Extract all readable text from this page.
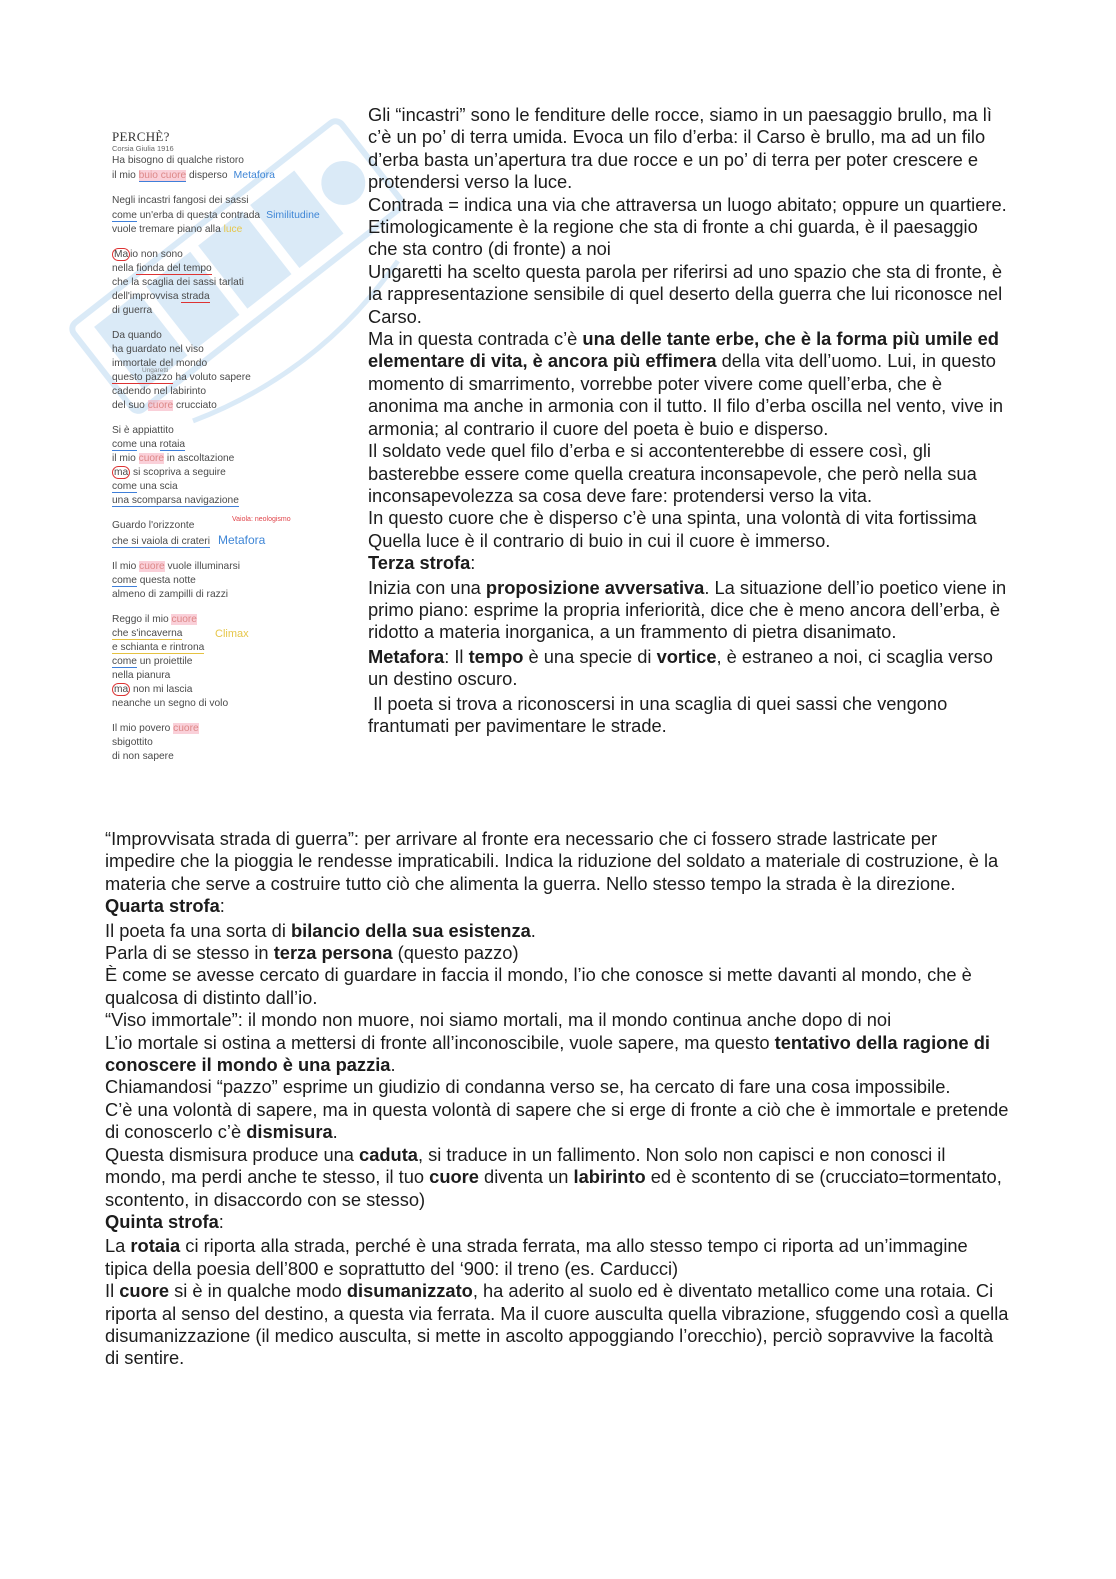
PERCHÈ?
Corsia Giulia 1916
Ha bisogno di qualche ristoro
il mio buio cuore disperso Metafora
Negli incastri fangosi dei sassi
come un'erba di questa contrada Similitudine
vuole tremare piano alla luce
Ma io non sono
nella fionda del tempo
che la scaglia dei sassi tarlati
dell'improvvisa strada
di guerra
Da quando
ha guardato nel viso
immortale del mondo
Ungaretti
questo pazzo ha voluto sapere
cadendo nel labirinto
del suo cuore crucciato
Si è appiattito
come una rotaia
il mio cuore in ascoltazione
ma si scopriva a seguire
come una scia
una scomparsa navigazione
Guardo l'orizzonte
Vaiola: neologismo
che si vaiola di crateri Metafora
Il mio cuore vuole illuminarsi
come questa notte
almeno di zampilli di razzi
Reggo il mio cuore
che s'incaverna	Climax
e schianta e rintrona
come un proiettile
nella pianura
ma non mi lascia
neanche un segno di volo
Il mio povero cuore
sbigottito
di non sapere

Gli “incastri” sono le fenditure delle rocce, siamo in un paesaggio brullo, ma lì c’è un po’ di terra umida. Evoca un filo d’erba: il Carso è brullo, ma ad un filo d’erba basta un’apertura tra due rocce e un po’ di terra per poter crescere e protendersi verso la luce.

Contrada = indica una via che attraversa un luogo abitato; oppure un quartiere. Etimologicamente è la regione che sta di fronte a chi guarda, è il paesaggio che sta contro (di fronte) a noi

Ungaretti ha scelto questa parola per riferirsi ad uno spazio che sta di fronte, è la rappresentazione sensibile di quel deserto della guerra che lui riconosce nel Carso.

Ma in questa contrada c’è una delle tante erbe, che è la forma più umile ed elementare di vita, è ancora più effimera della vita dell’uomo. Lui, in questo momento di smarrimento, vorrebbe poter vivere come quell’erba, che è anonima ma anche in armonia con il tutto. Il filo d’erba oscilla nel vento, vive in armonia; al contrario il cuore del poeta è buio e disperso.

Il soldato vede quel filo d’erba e si accontenterebbe di essere così, gli basterebbe essere come quella creatura inconsapevole, che però nella sua inconsapevolezza sa cosa deve fare: protendersi verso la vita.

In questo cuore che è disperso c’è una spinta, una volontà di vita fortissima

Quella luce è il contrario di buio in cui il cuore è immerso.

Terza strofa:

Inizia con una proposizione avversativa. La situazione dell’io poetico viene in primo piano: esprime la propria inferiorità, dice che è meno ancora dell’erba, è ridotto a materia inorganica, a un frammento di pietra disanimato.

Metafora: Il tempo è una specie di vortice, è estraneo a noi, ci scaglia verso un destino oscuro.

Il poeta si trova a riconoscersi in una scaglia di quei sassi che vengono frantumati per pavimentare le strade.

“Improvvisata strada di guerra”: per arrivare al fronte era necessario che ci fossero strade lastricate per impedire che la pioggia le rendesse impraticabili. Indica la riduzione del soldato a materiale di costruzione, è la materia che serve a costruire tutto ciò che alimenta la guerra. Nello stesso tempo la strada è la direzione.

Quarta strofa:

Il poeta fa una sorta di bilancio della sua esistenza.

Parla di se stesso in terza persona (questo pazzo)

È come se avesse cercato di guardare in faccia il mondo, l’io che conosce si mette davanti al mondo, che è qualcosa di distinto dall’io.

“Viso immortale”: il mondo non muore, noi siamo mortali, ma il mondo continua anche dopo di noi

L’io mortale si ostina a mettersi di fronte all’inconoscibile, vuole sapere, ma questo tentativo della ragione di conoscere il mondo è una pazzia.

Chiamandosi “pazzo” esprime un giudizio di condanna verso se, ha cercato di fare una cosa impossibile.

C’è una volontà di sapere, ma in questa volontà di sapere che si erge di fronte a ciò che è immortale e pretende di conoscerlo c’è dismisura.

Questa dismisura produce una caduta, si traduce in un fallimento. Non solo non capisci e non conosci il mondo, ma perdi anche te stesso, il tuo cuore diventa un labirinto ed è scontento di se (crucciato=tormentato, scontento, in disaccordo con se stesso)

Quinta strofa:

La rotaia ci riporta alla strada, perché è una strada ferrata, ma allo stesso tempo ci riporta ad un’immagine tipica della poesia dell’800 e soprattutto del ‘900: il treno (es. Carducci)

Il cuore si è in qualche modo disumanizzato, ha aderito al suolo ed è diventato metallico come una rotaia. Ci riporta al senso del destino, a questa via ferrata. Ma il cuore ausculta quella vibrazione, sfuggendo così a quella disumanizzazione (il medico ausculta, si mette in ascolto appoggiando l’orecchio), perciò sopravvive la facoltà di sentire.
